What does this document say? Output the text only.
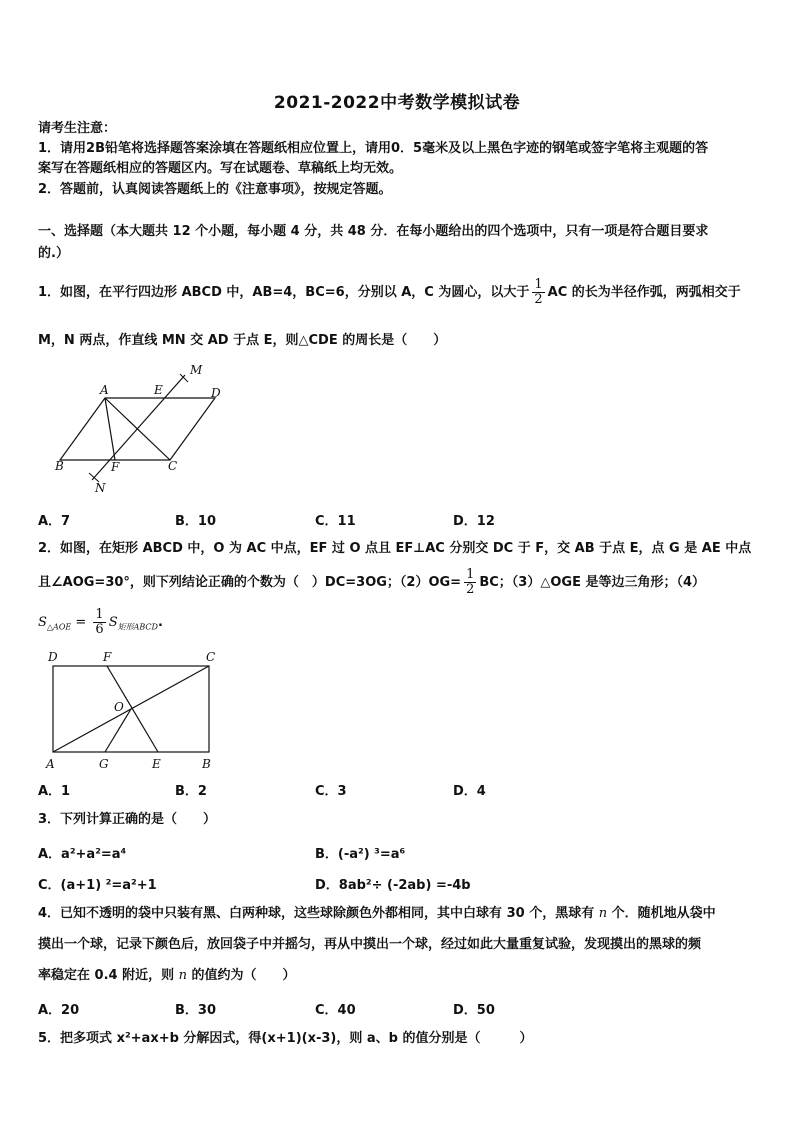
2021-2022中考数学模拟试卷
请考生注意：
1．请用2B铅笔将选择题答案涂填在答题纸相应位置上，请用0．5毫米及以上黑色字迹的钢笔或签字笔将主观题的答
案写在答题纸相应的答题区内。写在试题卷、草稿纸上均无效。
2．答题前，认真阅读答题纸上的《注意事项》，按规定答题。
一、选择题（本大题共 12 个小题，每小题 4 分，共 48 分．在每小题给出的四个选项中，只有一项是符合题目要求
的.）
1．如图，在平行四边形 ABCD 中，AB=4，BC=6，分别以 A，C 为圆心，以大于 $\frac{1}{2}$ AC 的长为半径作弧，两弧相交于
M，N 两点，作直线 MN 交 AD 于点 E，则△CDE 的周长是（　　）
A	E	D
M
B	F	C
N
A．7	B．10	C．11	D．12
2．如图，在矩形 ABCD 中，O 为 AC 中点，EF 过 O 点且 EF⊥AC 分别交 DC 于 F，交 AB 于点 E，点 G 是 AE 中点
且∠AOG=30°，则下列结论正确的个数为（　）DC=3OG；$(2)OG= \frac{1}{2}$ BC；（3）△OGE 是等边三角形；（4）
$S_{\triangle AOE} = \frac{1}{6} S_{矩形ABCD}$.
D	F	C
O
A	G	E	B
A．1	B．2	C．3	D．4
3．下列计算正确的是（　　）
A．a²+a²=a⁴	B．(-a²) ³=a⁶
C．(a+1) ²=a²+1	D．8ab²÷ (-2ab) =-4b
4．已知不透明的袋中只装有黑、白两种球，这些球除颜色外都相同，其中白球有 30 个，黑球有 n 个．随机地从袋中
摸出一个球，记录下颜色后，放回袋子中并摇匀，再从中摸出一个球，经过如此大量重复试验，发现摸出的黑球的频
率稳定在 0.4 附近，则 n 的值约为（　　）
A．20	B．30	C．40	D．50
5．把多项式 x²+ax+b 分解因式，得(x+1)(x-3)，则 a、b 的值分别是（　　　）
